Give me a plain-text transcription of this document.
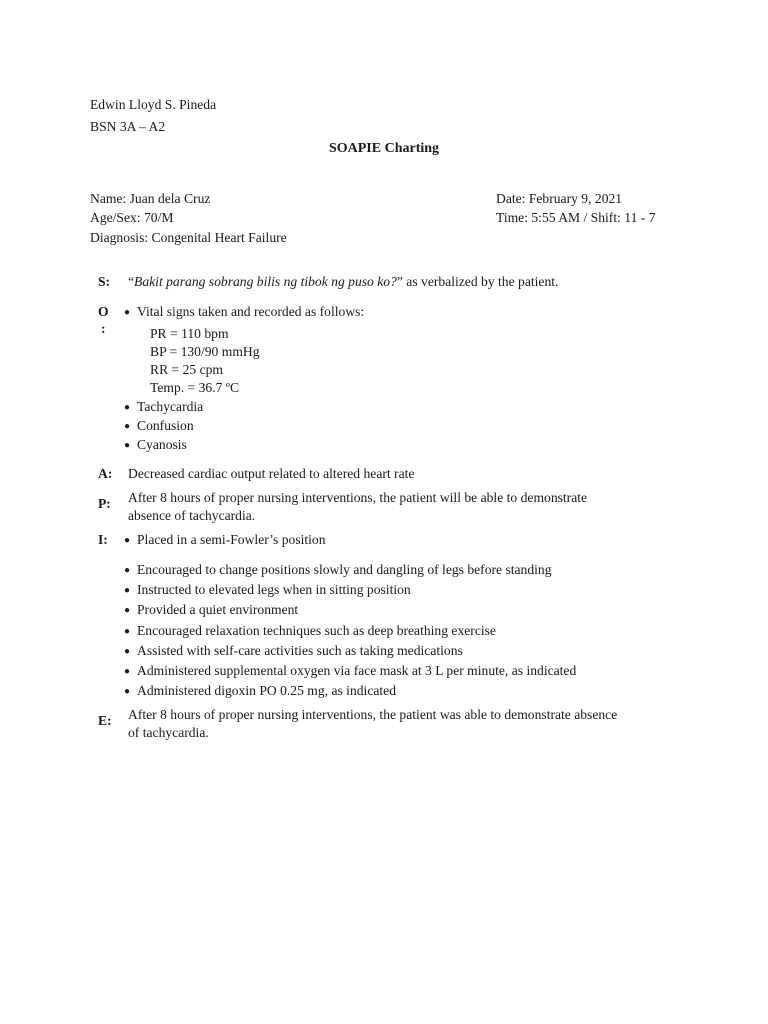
Edwin Lloyd S. Pineda
BSN 3A – A2
SOAPIE Charting
Name: Juan dela Cruz
Age/Sex: 70/M
Diagnosis: Congenital Heart Failure
Date: February 9, 2021
Time: 5:55 AM / Shift: 11 - 7
S: “Bakit parang sobrang bilis ng tibok ng puso ko?” as verbalized by the patient.
O
:
● Vital signs taken and recorded as follows:
PR = 110 bpm
BP = 130/90 mmHg
RR = 25 cpm
Temp. = 36.7 ºC
● Tachycardia
● Confusion
● Cyanosis
A: Decreased cardiac output related to altered heart rate
P: After 8 hours of proper nursing interventions, the patient will be able to demonstrate
absence of tachycardia.
I:	● Placed in a semi-Fowler’s position
● Encouraged to change positions slowly and dangling of legs before standing
● Instructed to elevated legs when in sitting position
● Provided a quiet environment
● Encouraged relaxation techniques such as deep breathing exercise
● Assisted with self-care activities such as taking medications
● Administered supplemental oxygen via face mask at 3 L per minute, as indicated
● Administered digoxin PO 0.25 mg, as indicated
E: After 8 hours of proper nursing interventions, the patient was able to demonstrate absence
of tachycardia.
